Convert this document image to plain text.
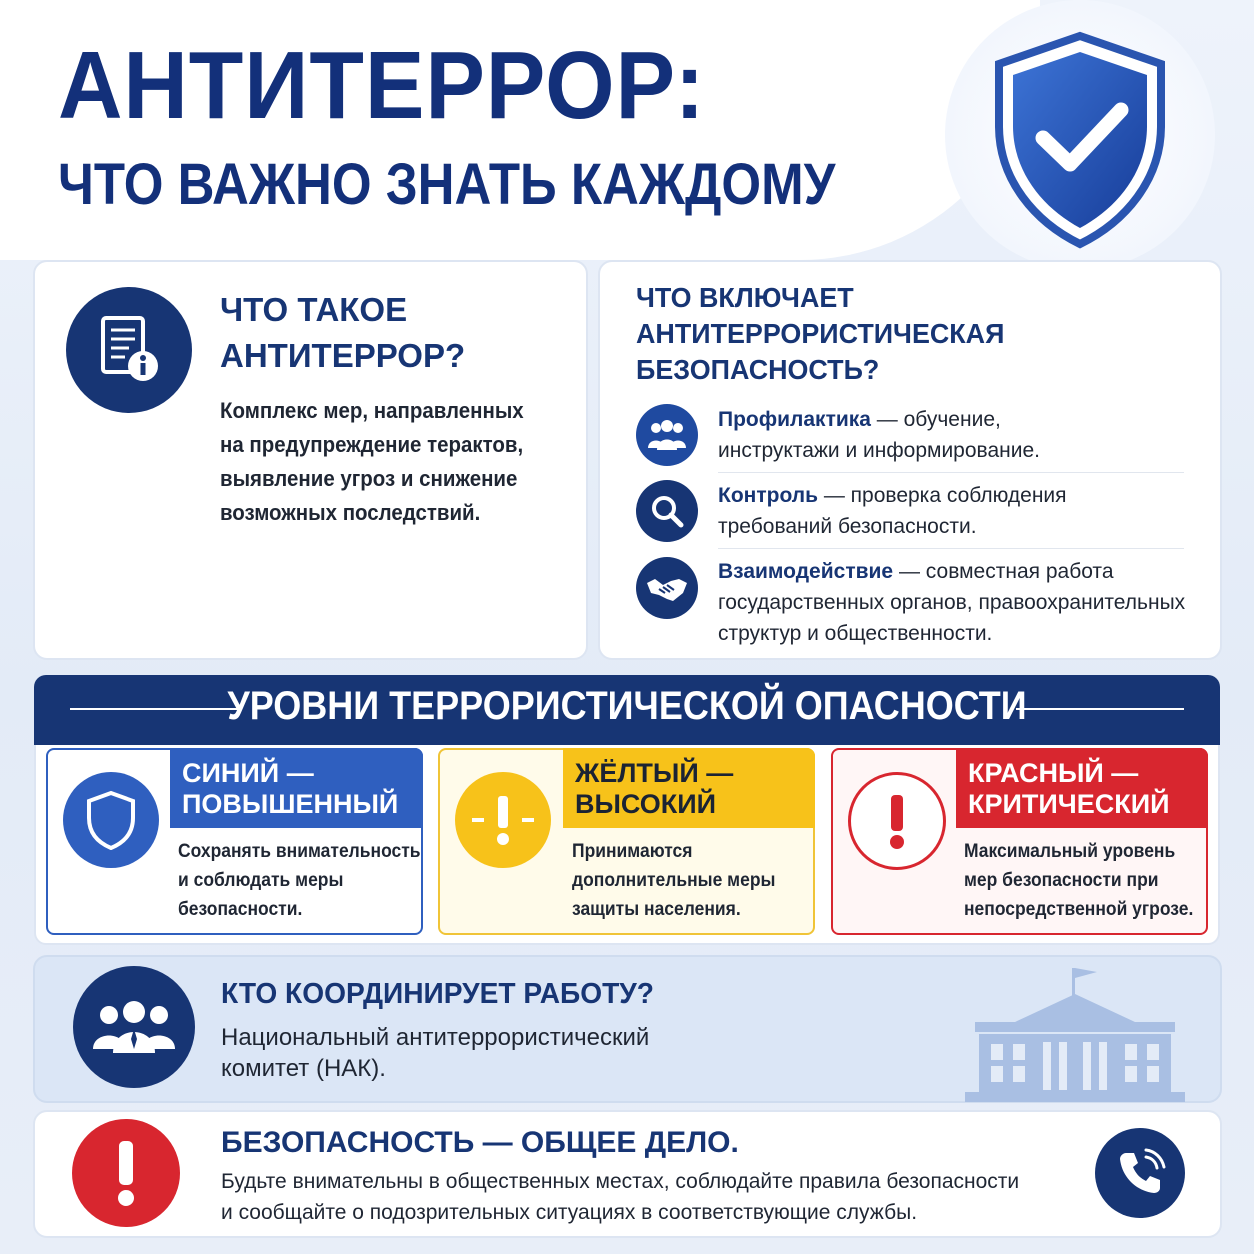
АНТИТЕРРОР:
ЧТО ВАЖНО ЗНАТЬ КАЖДОМУ
ЧТО ТАКОЕ
АНТИТЕРРОР?
Комплекс мер, направленных
на предупреждение терактов,
выявление угроз и снижение
возможных последствий.
ЧТО ВКЛЮЧАЕТ
АНТИТЕРРОРИСТИЧЕСКАЯ
БЕЗОПАСНОСТЬ?
Профилактика — обучение,
инструктажи и информирование.
Контроль — проверка соблюдения
требований безопасности.
Взаимодействие — совместная работа
государственных органов, правоохранительных
структур и общественности.
УРОВНИ ТЕРРОРИСТИЧЕСКОЙ ОПАСНОСТИ
СИНИЙ —
ПОВЫШЕННЫЙ
Сохранять внимательность
и соблюдать меры
безопасности.
ЖЁЛТЫЙ —
ВЫСОКИЙ
Принимаются
дополнительные меры
защиты населения.
КРАСНЫЙ —
КРИТИЧЕСКИЙ
Максимальный уровень
мер безопасности при
непосредственной угрозе.
КТО КООРДИНИРУЕТ РАБОТУ?
Национальный антитеррористический
комитет (НАК).
БЕЗОПАСНОСТЬ — ОБЩЕЕ ДЕЛО.
Будьте внимательны в общественных местах, соблюдайте правила безопасности
и сообщайте о подозрительных ситуациях в соответствующие службы.
